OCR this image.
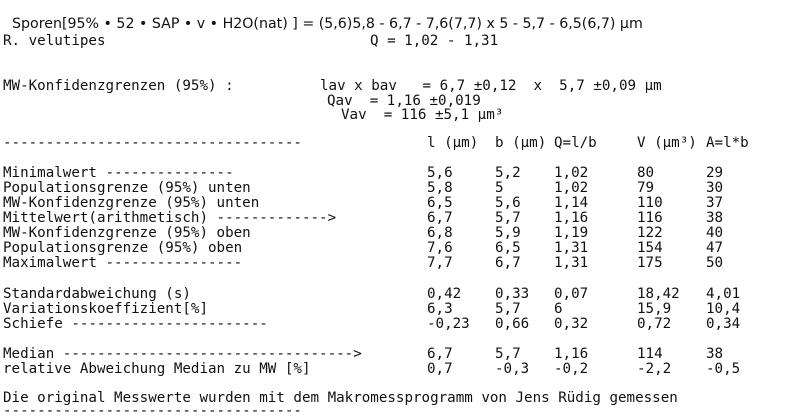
Sporen[95% • 52 • SAP • v • H2O(nat) ] = (5,6)5,8 - 6,7 - 7,6(7,7) x 5 - 5,7 - 6,5(6,7) µm

R. velutipes	Q = 1,02 - 1,31
MW-Konfidenzgrenzen (95%) :	lav x bav   = 6,7 ±0,12  x  5,7 ±0,09 µm
Qav  = 1,16 ±0,019
Vav  = 116 ±5,1 µm³
-----------------------------------	l (µm) b (µm) Q=l/b	V (µm³) A=l*b
Minimalwert ---------------	5,6	5,2 1,02	80	29
Populationsgrenze (95%) unten	5,8	5	1,02	79	30
MW-Konfidenzgrenze (95%) unten	6,5	5,6 1,14	110	37
Mittelwert(arithmetisch) ------------->	6,7	5,7 1,16	116	38
MW-Konfidenzgrenze (95%) oben	6,8	5,9 1,19	122	40
Populationsgrenze (95%) oben	7,6	6,5 1,31	154	47
Maximalwert ----------------	7,7	6,7 1,31	175	50
Standardabweichung (s)	0,42 0,33 0,07	18,42 4,01
Variationskoeffizient[%]	6,3	5,7 6	15,9 10,4
Schiefe -----------------------	-0,23 0,66 0,32	0,72 0,34
Median ---------------------------------->	6,7	5,7 1,16	114	38
relative Abweichung Median zu MW [%]	0,7	-0,3 -0,2	-2,2 -0,5
Die original Messwerte wurden mit dem Makromessprogramm von Jens Rüdig gemessen
-----------------------------------
